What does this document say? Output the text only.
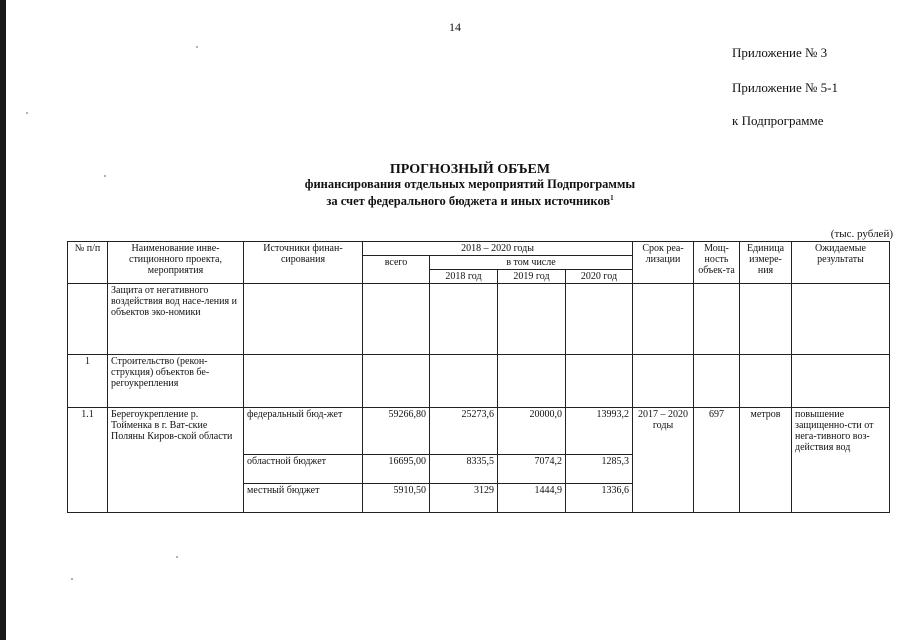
14
Приложение № 3
Приложение № 5-1
к Подпрограмме
ПРОГНОЗНЫЙ ОБЪЕМ
финансирования отдельных мероприятий Подпрограммы
за счет федерального бюджета и иных источников$^1$
(тыс. рублей)
№ п/п	Наименование инве-стиционного проекта, мероприятия	Источники финан-сирования	2018 – 2020 годы				Срок реа-лизации	Мощ-ность объек-та	Единица измере-ния	Ожидаемые результаты
			всего	в том числе						
				2018 год	2019 год	2020 год				
	Защита от негативного воздействия вод насе-ления и объектов эко-номики									
1	Строительство (рекон-струкция) объектов бе-регоукрепления									
1.1	Берегоукрепление р. Тойменка в г. Ват-ские Поляны Киров-ской области	федеральный бюд-жет	59266,80	25273,6	20000,0	13993,2	2017 – 2020 годы	697	метров	повышение защищенно-сти от нега-тивного воз-действия вод
		областной бюджет	16695,00	8335,5	7074,2	1285,3				
		местный бюджет	5910,50	3129	1444,9	1336,6				
